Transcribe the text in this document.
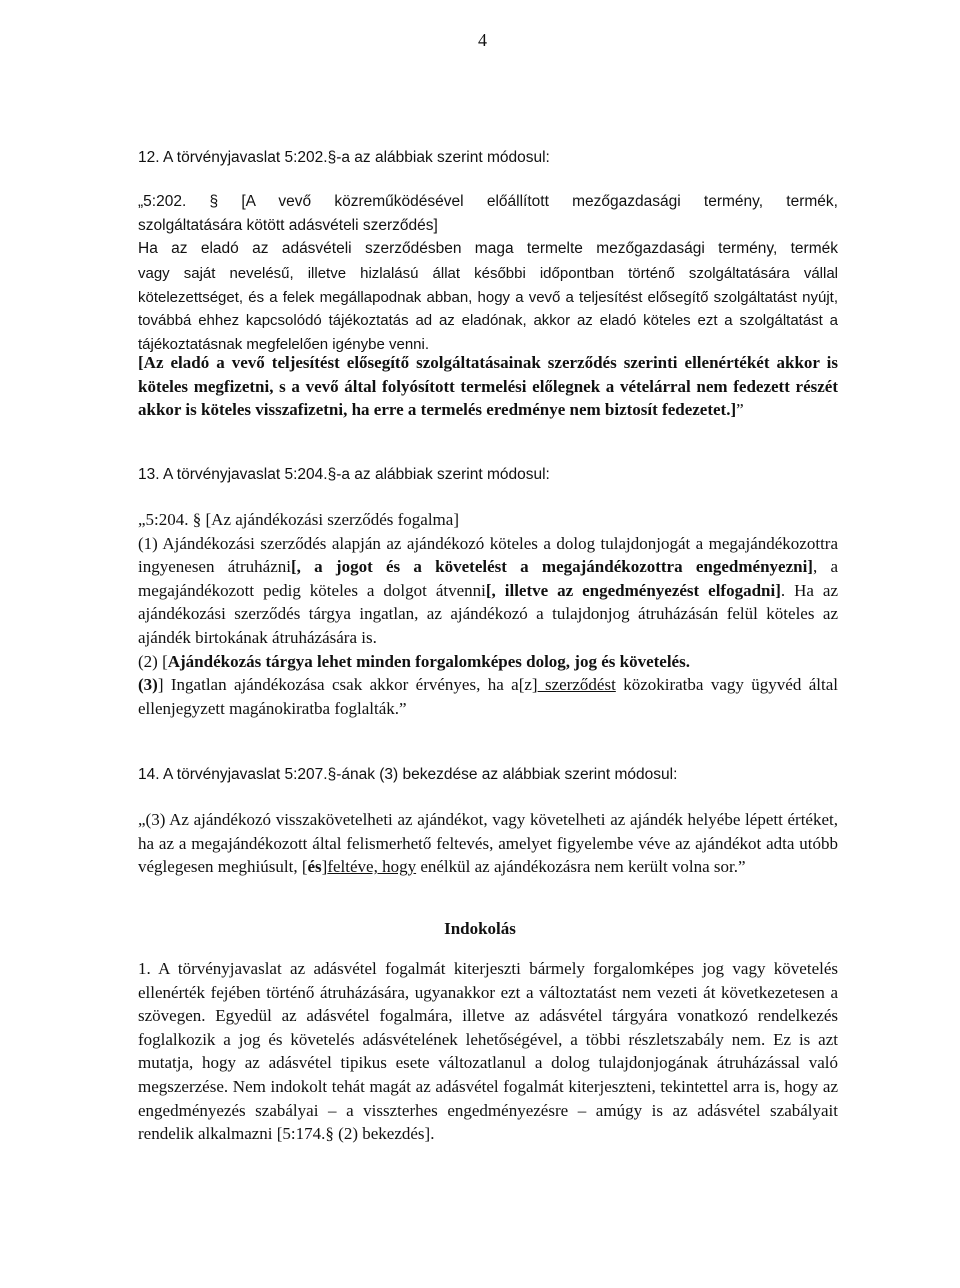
4

12. A törvényjavaslat 5:202.§-a az alábbiak szerint módosul:

„5:202. § [A vevő közreműködésével előállított mezőgazdasági termény, termék,

szolgáltatására kötött adásvételi szerződés]

Ha az eladó az adásvételi szerződésben maga termelte mezőgazdasági termény, termék

vagy saját nevelésű, illetve hizlalású állat későbbi időpontban történő szolgáltatására vállal kötelezettséget, és a felek megállapodnak abban, hogy a vevő a teljesítést elősegítő szolgáltatást nyújt, továbbá ehhez kapcsolódó tájékoztatás ad az eladónak, akkor az eladó köteles ezt a szolgáltatást a tájékoztatásnak megfelelően igénybe venni.

[Az eladó a vevő teljesítést elősegítő szolgáltatásainak szerződés szerinti ellenértékét akkor is köteles megfizetni, s a vevő által folyósított termelési előlegnek a vételárral nem fedezett részét akkor is köteles visszafizetni, ha erre a termelés eredménye nem biztosít fedezetet.]”

13. A törvényjavaslat 5:204.§-a az alábbiak szerint módosul:

„5:204. § [Az ajándékozási szerződés fogalma]

(1) Ajándékozási szerződés alapján az ajándékozó köteles a dolog tulajdonjogát a megajándékozottra ingyenesen átruházni[, a jogot és a követelést a megajándékozottra engedményezni], a megajándékozott pedig köteles a dolgot átvenni[, illetve az engedményezést elfogadni]. Ha az ajándékozási szerződés tárgya ingatlan, az ajándékozó a tulajdonjog átruházásán felül köteles az ajándék birtokának átruházására is.

(2) [Ajándékozás tárgya lehet minden forgalomképes dolog, jog és követelés.

(3)] Ingatlan ajándékozása csak akkor érvényes, ha a[z] szerződést közokiratba vagy ügyvéd által ellenjegyzett magánokiratba foglalták.”

14. A törvényjavaslat 5:207.§-ának (3) bekezdése az alábbiak szerint módosul:

„(3) Az ajándékozó visszakövetelheti az ajándékot, vagy követelheti az ajándék helyébe lépett értéket, ha az a megajándékozott által felismerhető feltevés, amelyet figyelembe véve az ajándékot adta utóbb véglegesen meghiúsult, [és]feltéve, hogy enélkül az ajándékozásra nem került volna sor.”

Indokolás

1. A törvényjavaslat az adásvétel fogalmát kiterjeszti bármely forgalomképes jog vagy követelés ellenérték fejében történő átruházására, ugyanakkor ezt a változtatást nem vezeti át következetesen a szövegen. Egyedül az adásvétel fogalmára, illetve az adásvétel tárgyára vonatkozó rendelkezés foglalkozik a jog és követelés adásvételének lehetőségével, a többi részletszabály nem. Ez is azt mutatja, hogy az adásvétel tipikus esete változatlanul a dolog tulajdonjogának átruházással való megszerzése. Nem indokolt tehát magát az adásvétel fogalmát kiterjeszteni, tekintettel arra is, hogy az engedményezés szabályai – a visszterhes engedményezésre – amúgy is az adásvétel szabályait rendelik alkalmazni [5:174.§ (2) bekezdés].
